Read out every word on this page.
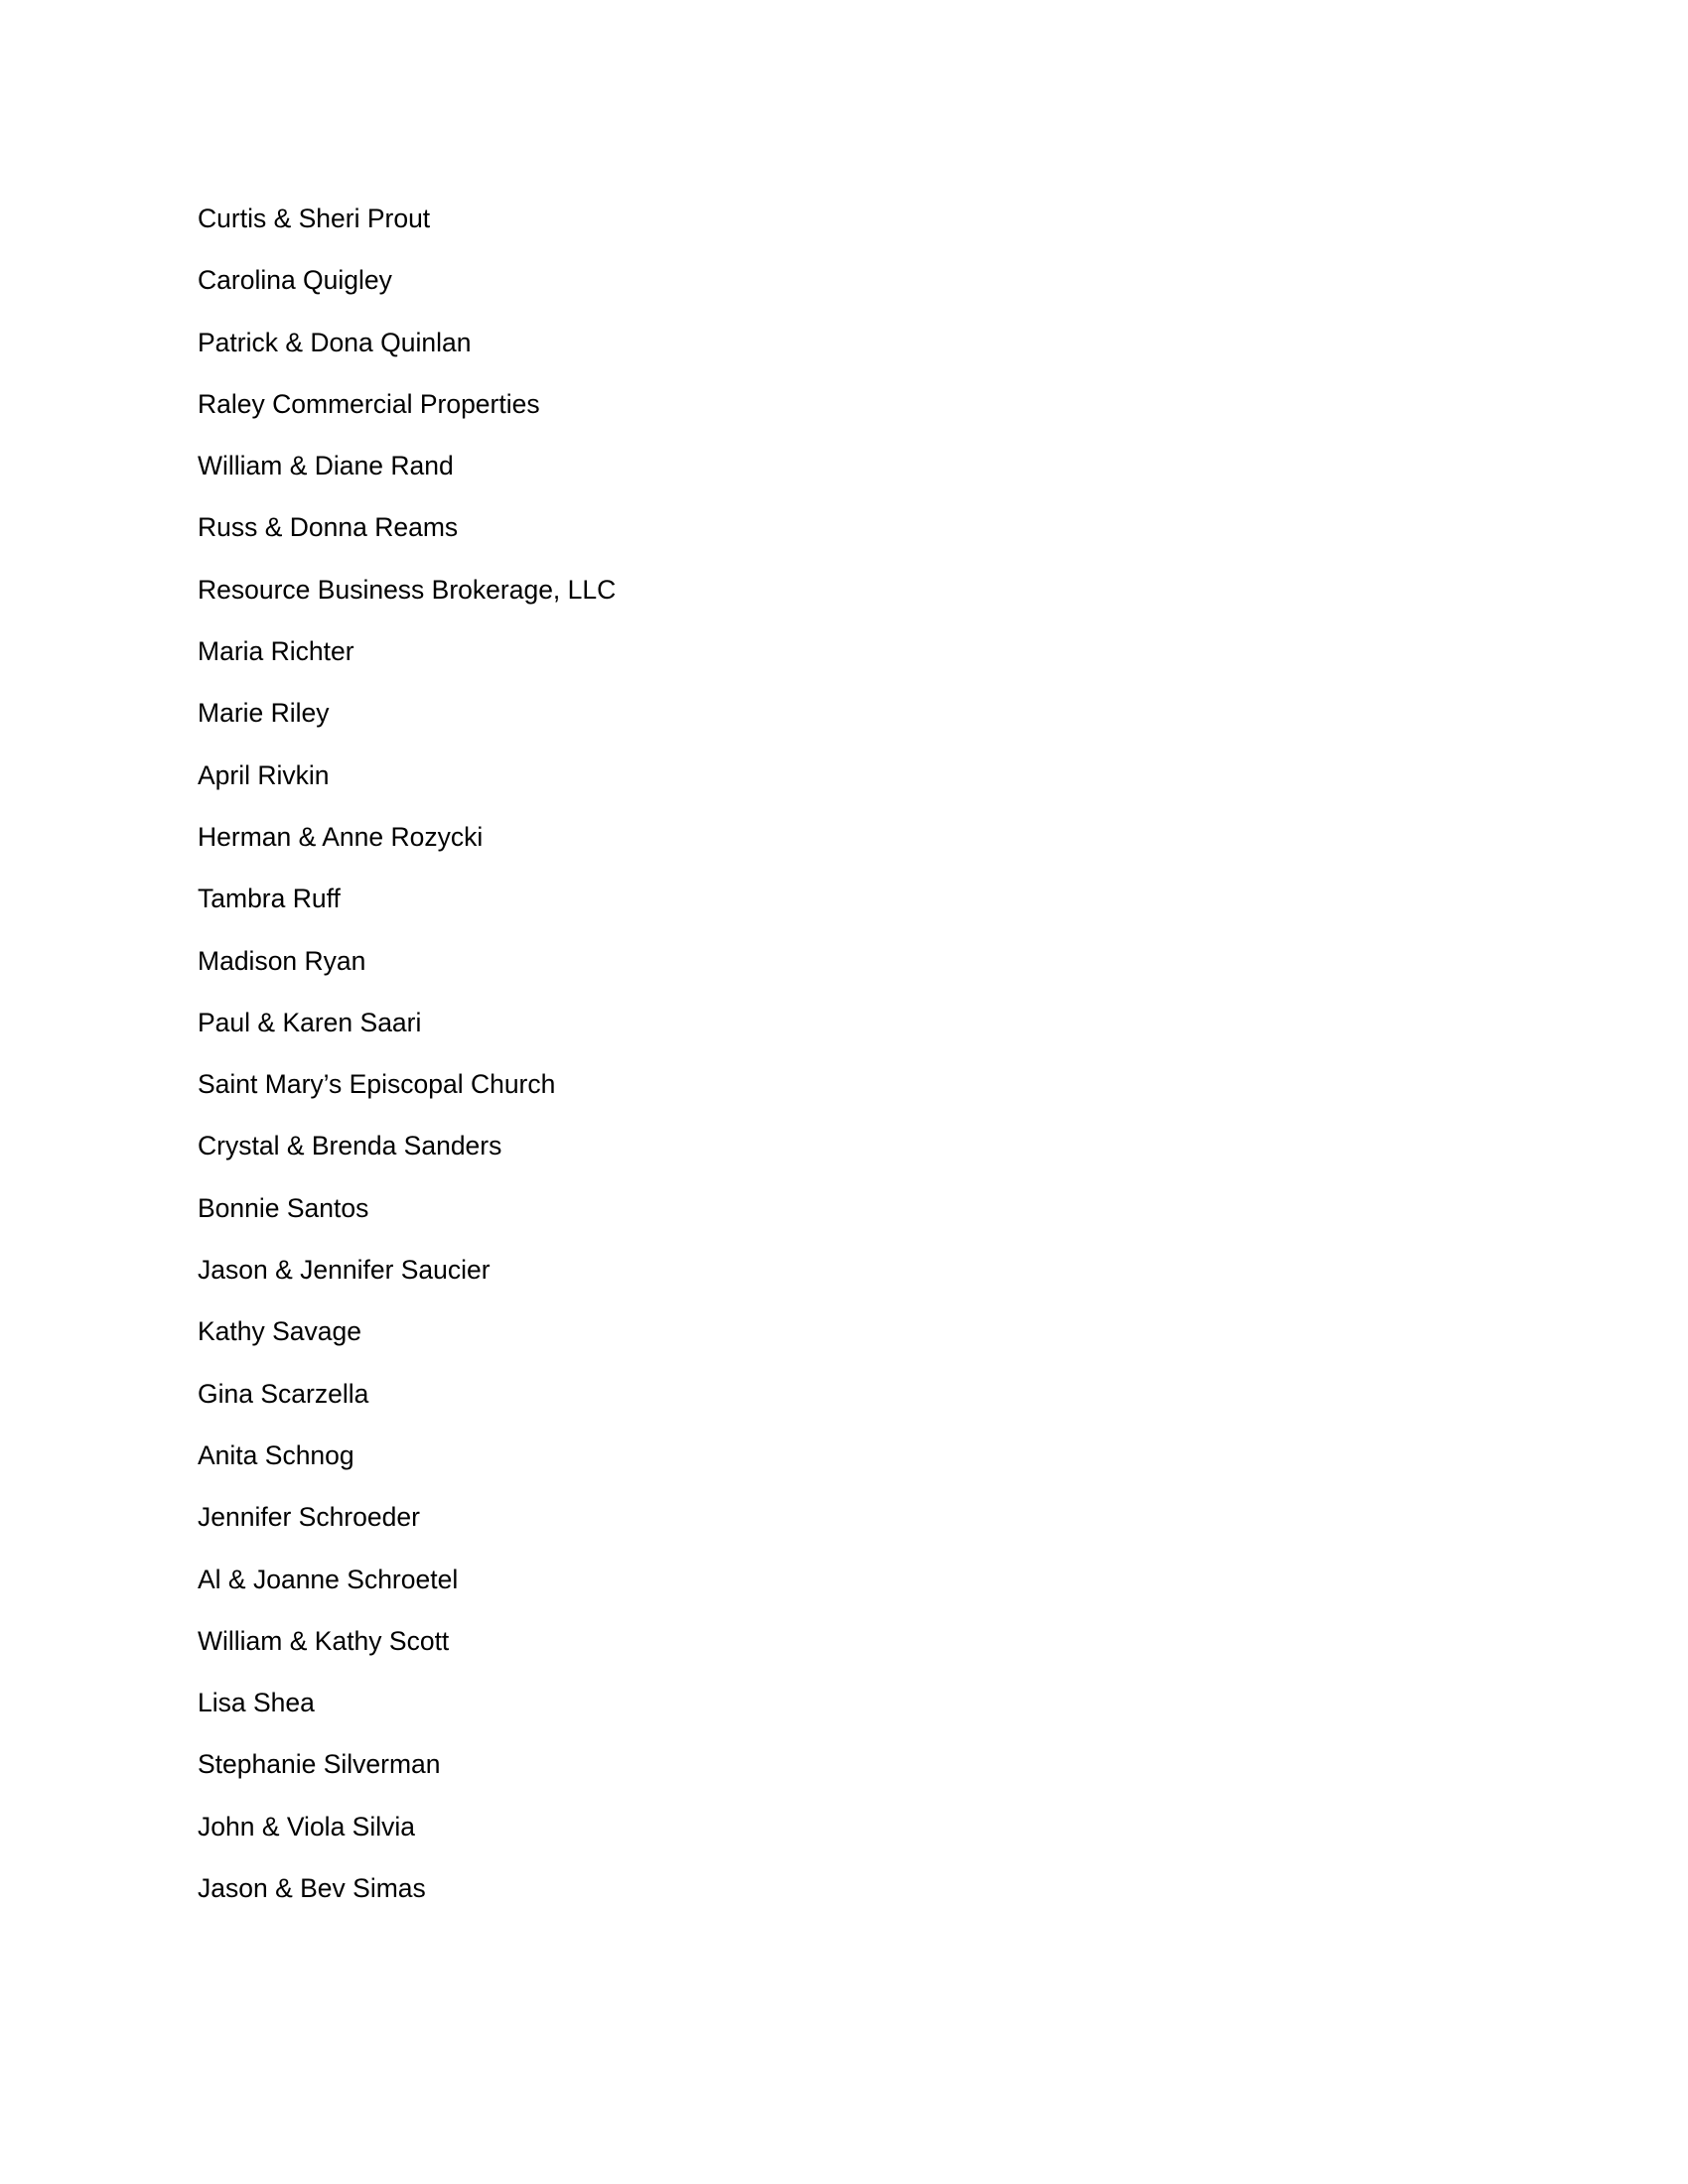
Curtis & Sheri Prout
Carolina Quigley
Patrick & Dona Quinlan
Raley Commercial Properties
William & Diane Rand
Russ & Donna Reams
Resource Business Brokerage, LLC
Maria Richter
Marie Riley
April Rivkin
Herman & Anne Rozycki
Tambra Ruff
Madison Ryan
Paul & Karen Saari
Saint Mary’s Episcopal Church
Crystal & Brenda Sanders
Bonnie Santos
Jason & Jennifer Saucier
Kathy Savage
Gina Scarzella
Anita Schnog
Jennifer Schroeder
Al & Joanne Schroetel
William & Kathy Scott
Lisa Shea
Stephanie Silverman
John & Viola Silvia
Jason & Bev Simas
